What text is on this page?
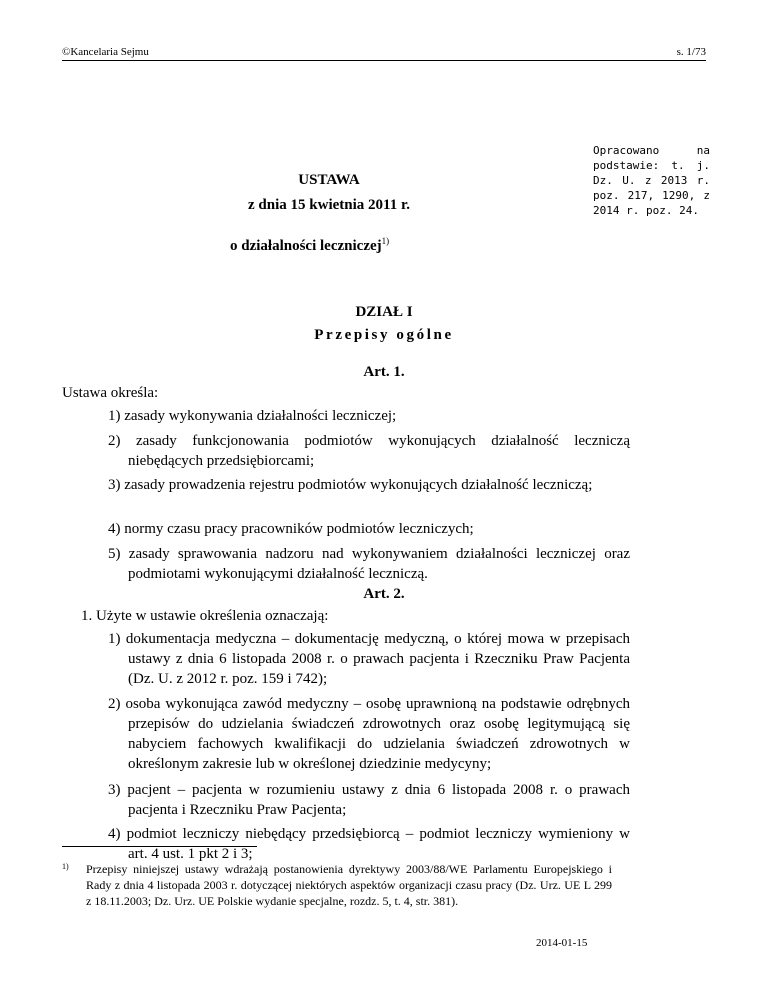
©Kancelaria Sejmu	s. 1/73
Opracowano na podstawie: t. j. Dz. U. z 2013 r. poz. 217, 1290, z 2014 r. poz. 24.
USTAWA
z dnia 15 kwietnia 2011 r.
o działalności leczniczej$^{1)}$
DZIAŁ I
Przepisy ogólne
Art. 1.
Ustawa określa:
1) zasady wykonywania działalności leczniczej;
2) zasady funkcjonowania podmiotów wykonujących działalność leczniczą niebędących przedsiębiorcami;
3) zasady prowadzenia rejestru podmiotów wykonujących działalność leczniczą;
4) normy czasu pracy pracowników podmiotów leczniczych;
5) zasady sprawowania nadzoru nad wykonywaniem działalności leczniczej oraz podmiotami wykonującymi działalność leczniczą.
Art. 2.
1. Użyte w ustawie określenia oznaczają:
1) dokumentacja medyczna – dokumentację medyczną, o której mowa w przepisach ustawy z dnia 6 listopada 2008 r. o prawach pacjenta i Rzeczniku Praw Pacjenta (Dz. U. z 2012 r. poz. 159 i 742);
2) osoba wykonująca zawód medyczny – osobę uprawnioną na podstawie odrębnych przepisów do udzielania świadczeń zdrowotnych oraz osobę legitymującą się nabyciem fachowych kwalifikacji do udzielania świadczeń zdrowotnych w określonym zakresie lub w określonej dziedzinie medycyny;
3) pacjent – pacjenta w rozumieniu ustawy z dnia 6 listopada 2008 r. o prawach pacjenta i Rzeczniku Praw Pacjenta;
4) podmiot leczniczy niebędący przedsiębiorcą – podmiot leczniczy wymieniony w art. 4 ust. 1 pkt 2 i 3;
1) Przepisy niniejszej ustawy wdrażają postanowienia dyrektywy 2003/88/WE Parlamentu Europejskiego i Rady z dnia 4 listopada 2003 r. dotyczącej niektórych aspektów organizacji czasu pracy (Dz. Urz. UE L 299 z 18.11.2003; Dz. Urz. UE Polskie wydanie specjalne, rozdz. 5, t. 4, str. 381).
2014-01-15
